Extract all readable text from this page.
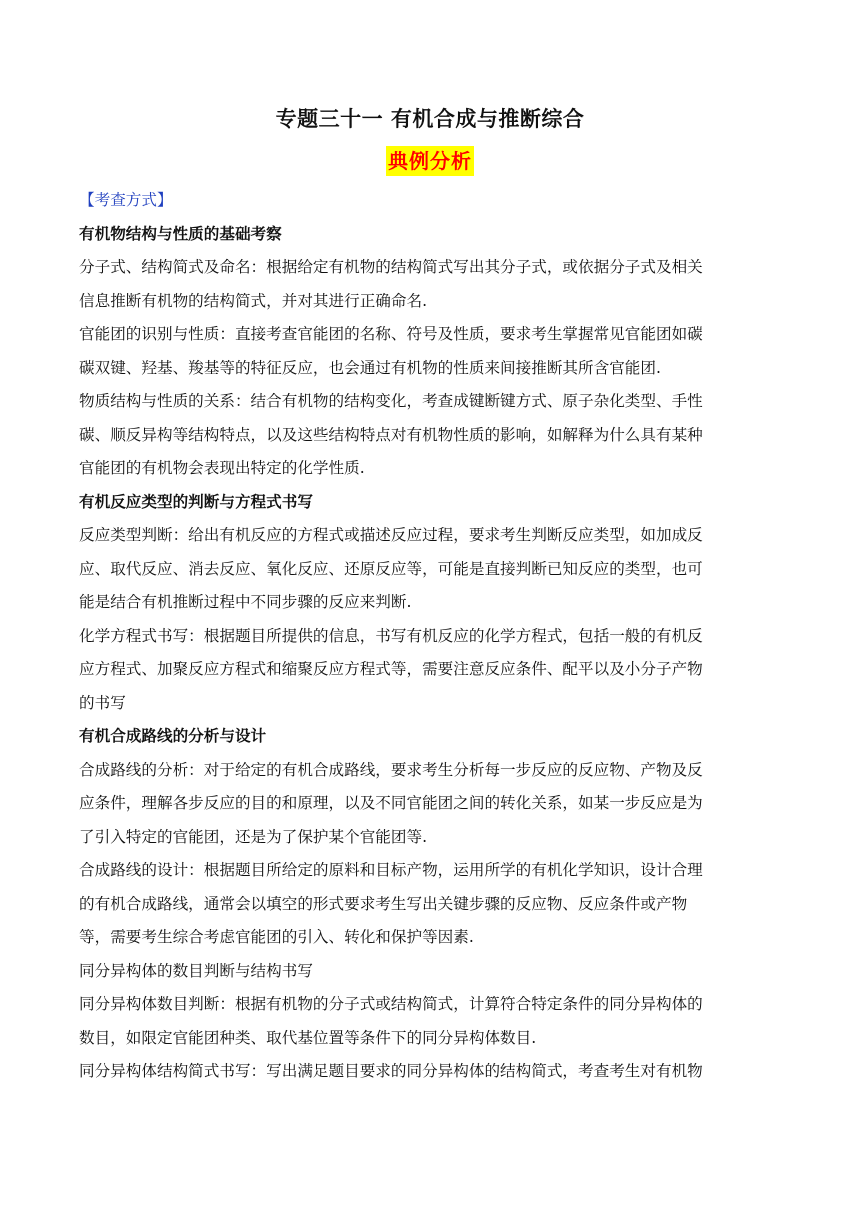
专题三十一 有机合成与推断综合
典例分析
【考查方式】
有机物结构与性质的基础考察
分子式、结构简式及命名：根据给定有机物的结构简式写出其分子式，或依据分子式及相关
信息推断有机物的结构简式，并对其进行正确命名.
官能团的识别与性质：直接考查官能团的名称、符号及性质，要求考生掌握常见官能团如碳
碳双键、羟基、羧基等的特征反应，也会通过有机物的性质来间接推断其所含官能团.
物质结构与性质的关系：结合有机物的结构变化，考查成键断键方式、原子杂化类型、手性
碳、顺反异构等结构特点，以及这些结构特点对有机物性质的影响，如解释为什么具有某种
官能团的有机物会表现出特定的化学性质.
有机反应类型的判断与方程式书写
反应类型判断：给出有机反应的方程式或描述反应过程，要求考生判断反应类型，如加成反
应、取代反应、消去反应、氧化反应、还原反应等，可能是直接判断已知反应的类型，也可
能是结合有机推断过程中不同步骤的反应来判断.
化学方程式书写：根据题目所提供的信息，书写有机反应的化学方程式，包括一般的有机反
应方程式、加聚反应方程式和缩聚反应方程式等，需要注意反应条件、配平以及小分子产物
的书写
有机合成路线的分析与设计
合成路线的分析：对于给定的有机合成路线，要求考生分析每一步反应的反应物、产物及反
应条件，理解各步反应的目的和原理，以及不同官能团之间的转化关系，如某一步反应是为
了引入特定的官能团，还是为了保护某个官能团等.
合成路线的设计：根据题目所给定的原料和目标产物，运用所学的有机化学知识，设计合理
的有机合成路线，通常会以填空的形式要求考生写出关键步骤的反应物、反应条件或产物
等，需要考生综合考虑官能团的引入、转化和保护等因素.
同分异构体的数目判断与结构书写
同分异构体数目判断：根据有机物的分子式或结构简式，计算符合特定条件的同分异构体的
数目，如限定官能团种类、取代基位置等条件下的同分异构体数目.
同分异构体结构简式书写：写出满足题目要求的同分异构体的结构简式，考查考生对有机物
